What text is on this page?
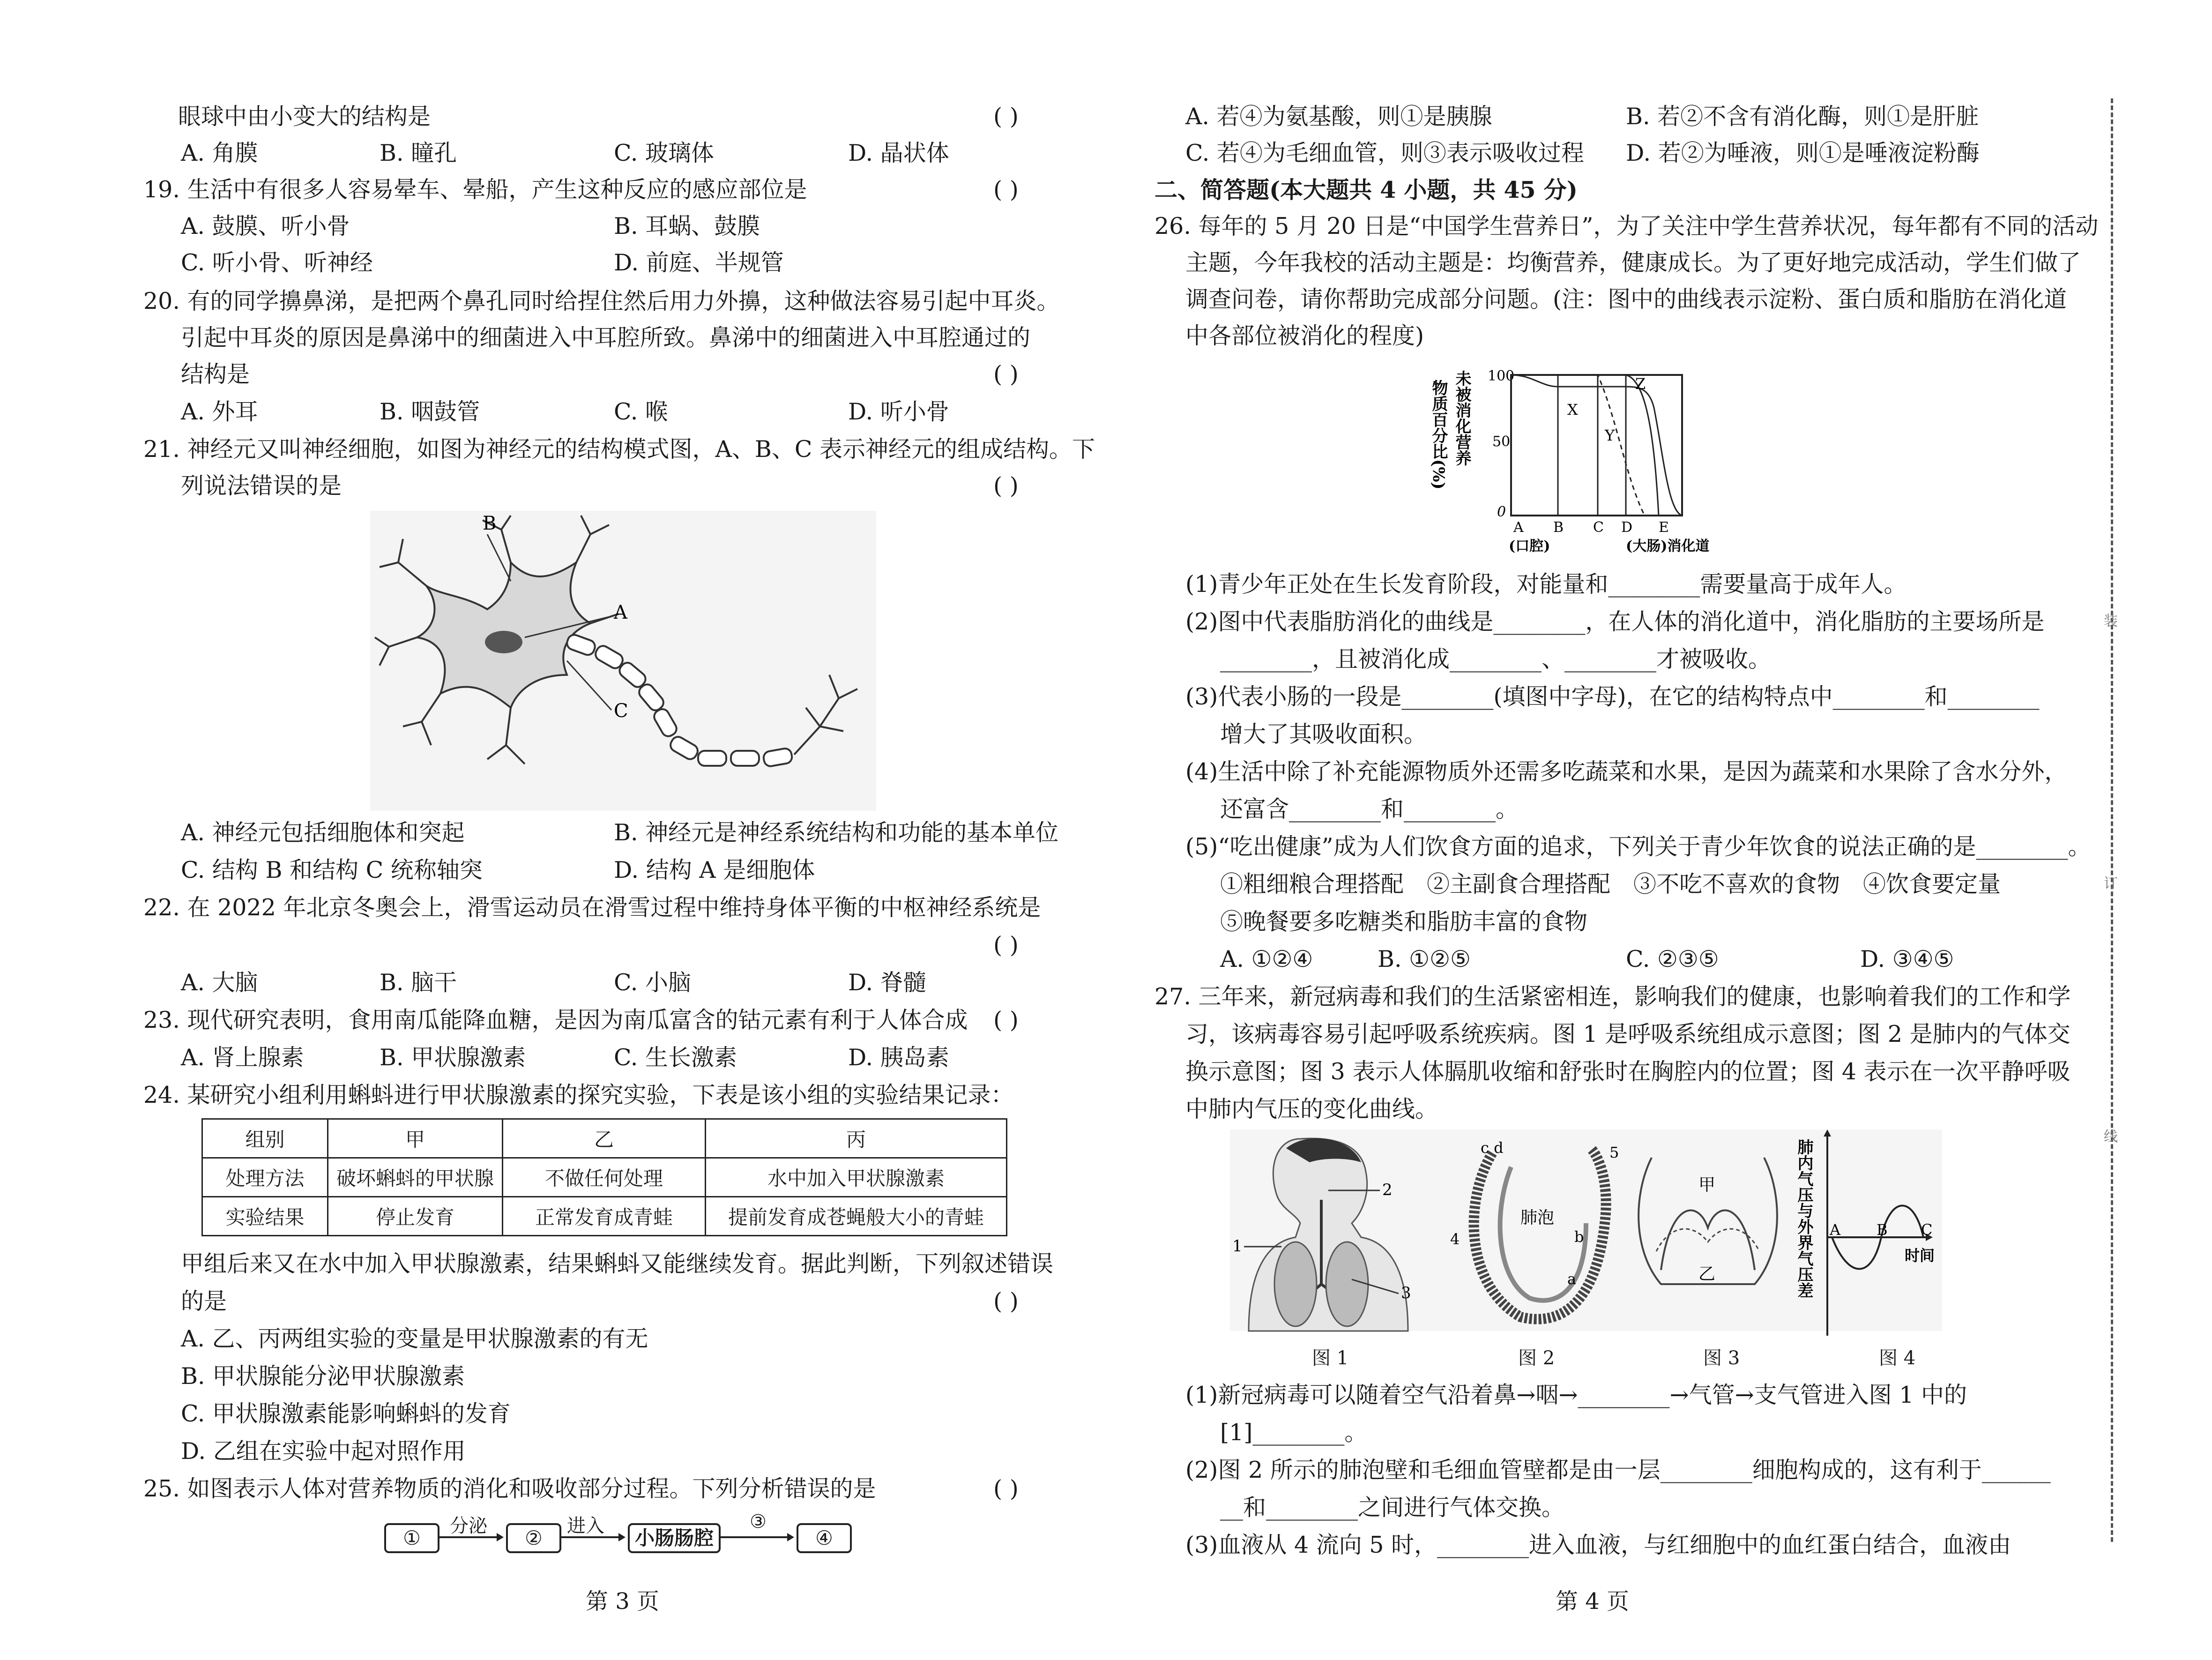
眼球中由小变大的结构是	( )
A. 角膜	B. 瞳孔	C. 玻璃体	D. 晶状体
19. 生活中有很多人容易晕车、晕船，产生这种反应的感应部位是	( )
A. 鼓膜、听小骨	B. 耳蜗、鼓膜
C. 听小骨、听神经	D. 前庭、半规管
20. 有的同学擤鼻涕，是把两个鼻孔同时给捏住然后用力外擤，这种做法容易引起中耳炎。
引起中耳炎的原因是鼻涕中的细菌进入中耳腔所致。鼻涕中的细菌进入中耳腔通过的
结构是	( )
A. 外耳	B. 咽鼓管	C. 喉	D. 听小骨
21. 神经元又叫神经细胞，如图为神经元的结构模式图，A、B、C 表示神经元的组成结构。下
列说法错误的是	( )
B
A
C
A. 神经元包括细胞体和突起	B. 神经元是神经系统结构和功能的基本单位
C. 结构 B 和结构 C 统称轴突	D. 结构 A 是细胞体
22. 在 2022 年北京冬奥会上，滑雪运动员在滑雪过程中维持身体平衡的中枢神经系统是
( )
A. 大脑	B. 脑干	C. 小脑	D. 脊髓
23. 现代研究表明，食用南瓜能降血糖，是因为南瓜富含的钴元素有利于人体合成 ( )
A. 肾上腺素	B. 甲状腺激素	C. 生长激素	D. 胰岛素
24. 某研究小组利用蝌蚪进行甲状腺激素的探究实验，下表是该小组的实验结果记录：
组别	甲	乙	丙
处理方法	破坏蝌蚪的甲状腺	不做任何处理	水中加入甲状腺激素
实验结果	停止发育	正常发育成青蛙	提前发育成苍蝇般大小的青蛙
甲组后来又在水中加入甲状腺激素，结果蝌蚪又能继续发育。据此判断，下列叙述错误
的是	( )
A. 乙、丙两组实验的变量是甲状腺激素的有无
B. 甲状腺能分泌甲状腺激素
C. 甲状腺激素能影响蝌蚪的发育
D. 乙组在实验中起对照作用
25. 如图表示人体对营养物质的消化和吸收部分过程。下列分析错误的是	( )
①
分泌
②
进入
小肠肠腔
③
④
第 3 页
A. 若④为氨基酸，则①是胰腺	B. 若②不含有消化酶，则①是肝脏
C. 若④为毛细血管，则③表示吸收过程 D. 若②为唾液，则①是唾液淀粉酶
二、简答题(本大题共 4 小题，共 45 分)
26. 每年的 5 月 20 日是“中国学生营养日”，为了关注中学生营养状况，每年都有不同的活动
主题，今年我校的活动主题是：均衡营养，健康成长。为了更好地完成活动，学生们做了
调查问卷，请你帮助完成部分问题。(注：图中的曲线表示淀粉、蛋白质和脂肪在消化道
中各部位被消化的程度)
物质百分比(%) 未被消化营养 100
50
0
X
Y
Z
A B C D E
(口腔)	(大肠)消化道
(1)青少年正处在生长发育阶段，对能量和________需要量高于成年人。
(2)图中代表脂肪消化的曲线是________，在人体的消化道中，消化脂肪的主要场所是
________，且被消化成________、________才被吸收。
(3)代表小肠的一段是________(填图中字母)，在它的结构特点中________和________
增大了其吸收面积。
(4)生活中除了补充能源物质外还需多吃蔬菜和水果，是因为蔬菜和水果除了含水分外，
还富含________和________。
(5)“吃出健康”成为人们饮食方面的追求，下列关于青少年饮食的说法正确的是________。
①粗细粮合理搭配　②主副食合理搭配　③不吃不喜欢的食物　④饮食要定量
⑤晚餐要多吃糖类和脂肪丰富的食物
A. ①②④	B. ①②⑤	C. ②③⑤	D. ③④⑤
27. 三年来，新冠病毒和我们的生活紧密相连，影响我们的健康，也影响着我们的工作和学
习，该病毒容易引起呼吸系统疾病。图 1 是呼吸系统组成示意图；图 2 是肺内的气体交
换示意图；图 3 表示人体膈肌收缩和舒张时在胸腔内的位置；图 4 表示在一次平静呼吸
中肺内气压的变化曲线。
1
2
3
肺泡
c d	5
4	b
a
甲
乙	肺内气压与外界气压差 A B C
时间
图 1	图 2	图 3	图 4
(1)新冠病毒可以随着空气沿着鼻→咽→________→气管→支气管进入图 1 中的
[1]________。
(2)图 2 所示的肺泡壁和毛细血管壁都是由一层________细胞构成的，这有利于______
__和________之间进行气体交换。
(3)血液从 4 流向 5 时，________进入血液，与红细胞中的血红蛋白结合，血液由
第 4 页
装
订
线
